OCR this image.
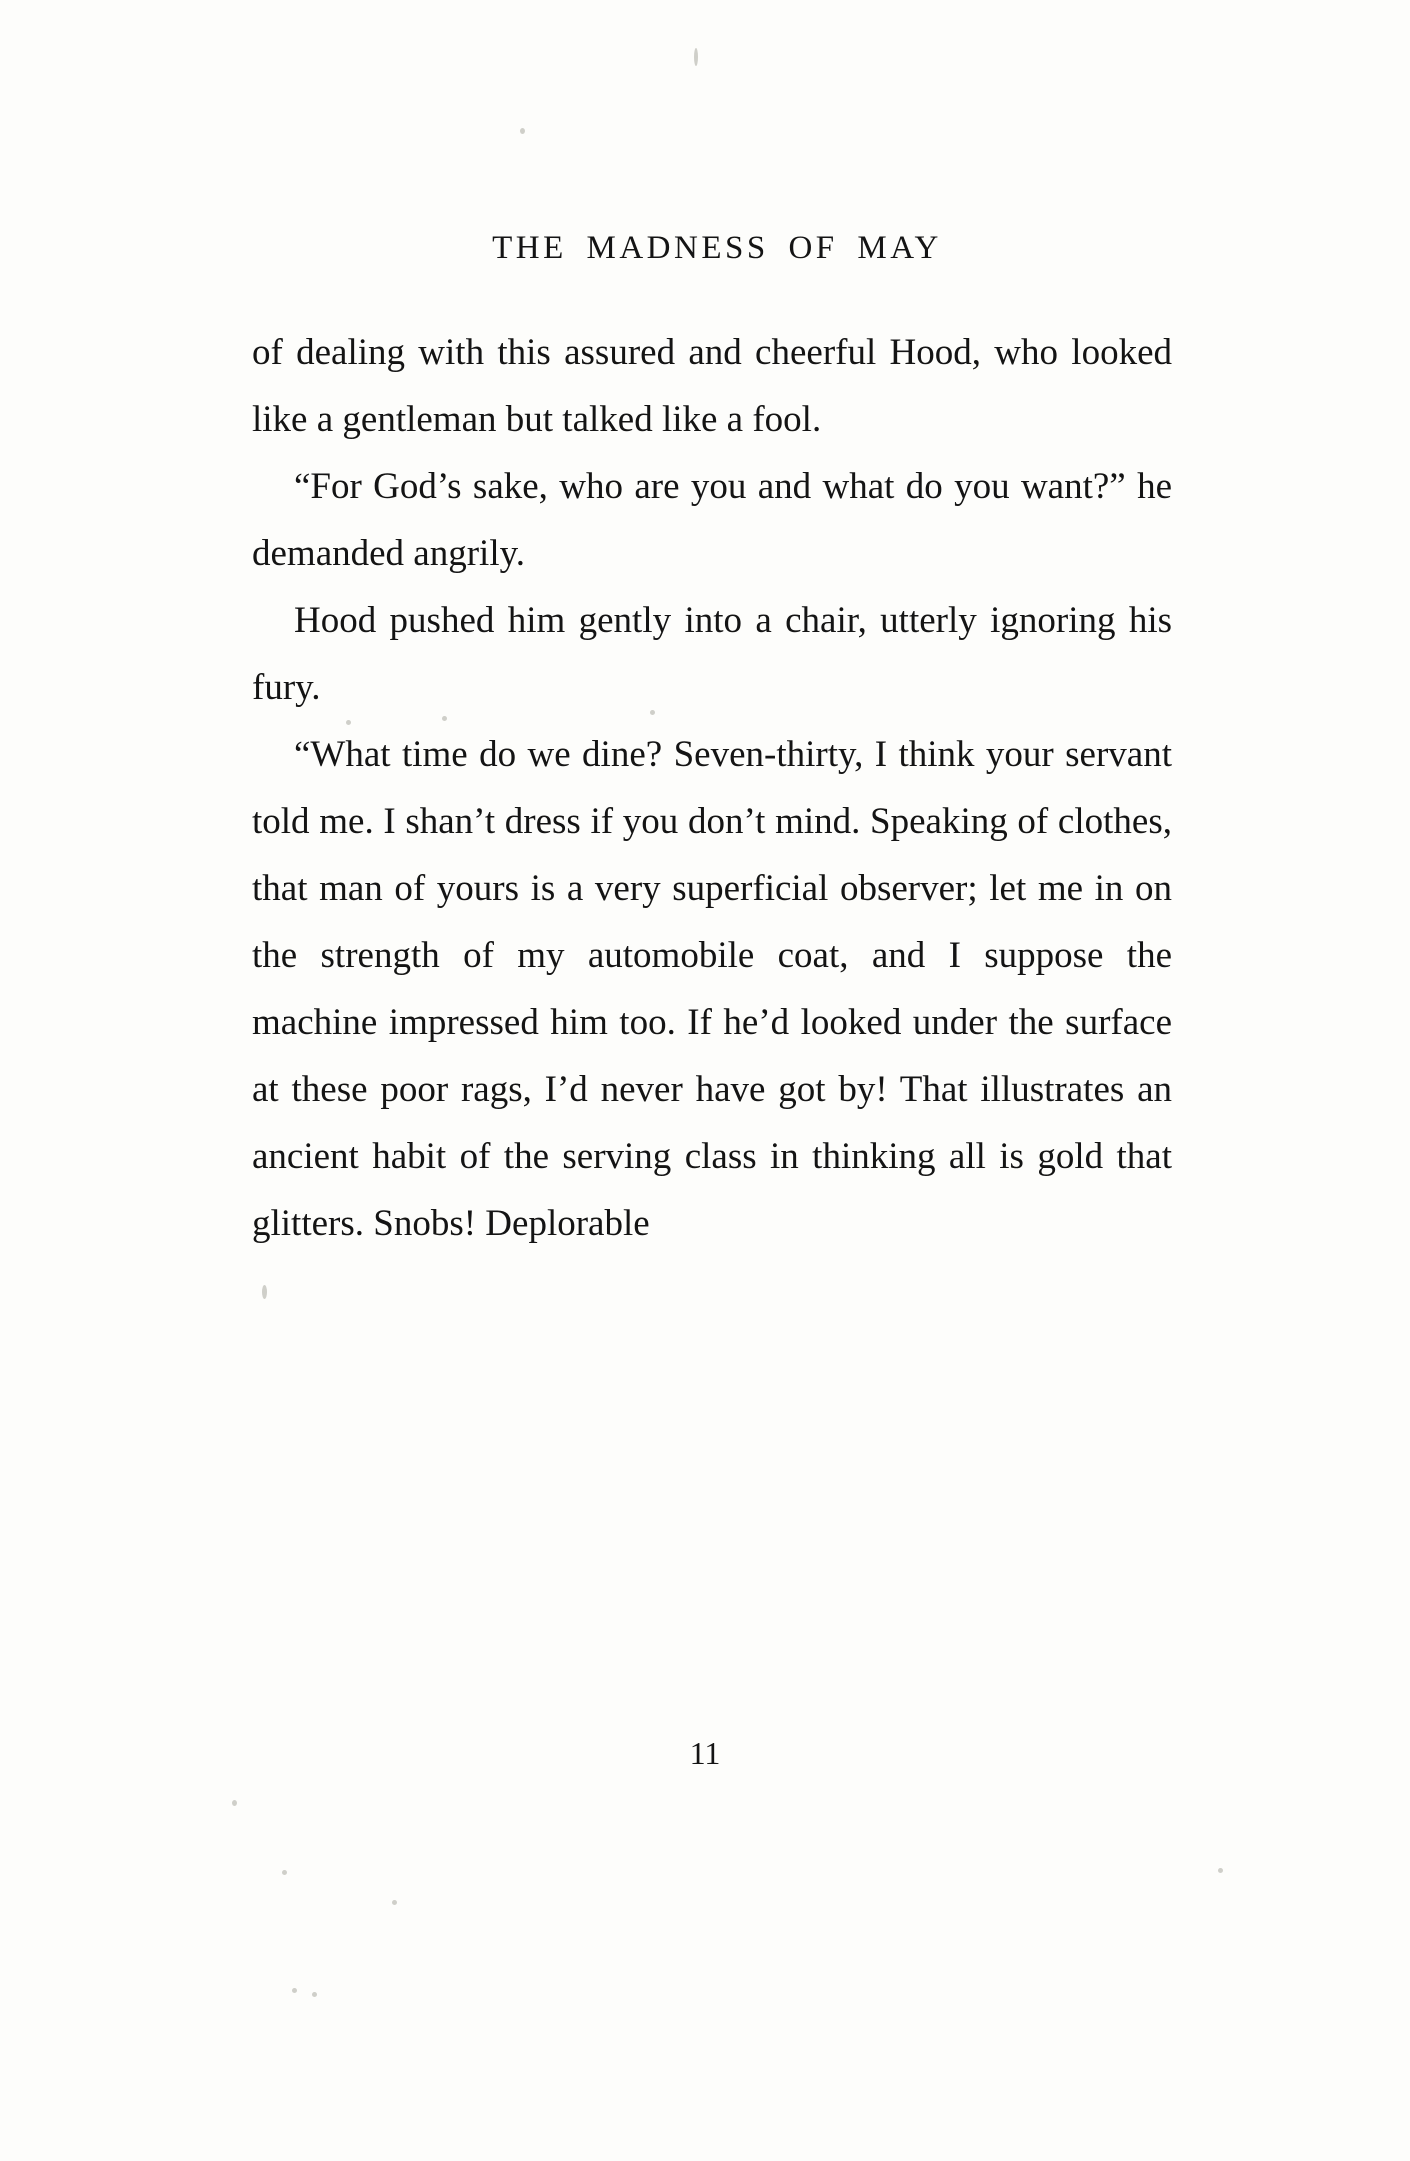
THE MADNESS OF MAY

of dealing with this assured and cheerful Hood, who looked like a gentleman but talked like a fool.

“For God’s sake, who are you and what do you want?” he demanded angrily.

Hood pushed him gently into a chair, utterly ignoring his fury.

“What time do we dine? Seven-thirty, I think your servant told me. I shan’t dress if you don’t mind. Speaking of clothes, that man of yours is a very superficial observer; let me in on the strength of my automobile coat, and I suppose the machine impressed him too. If he’d looked under the surface at these poor rags, I’d never have got by! That illustrates an ancient habit of the serving class in thinking all is gold that glitters. Snobs! Deplorable

11
